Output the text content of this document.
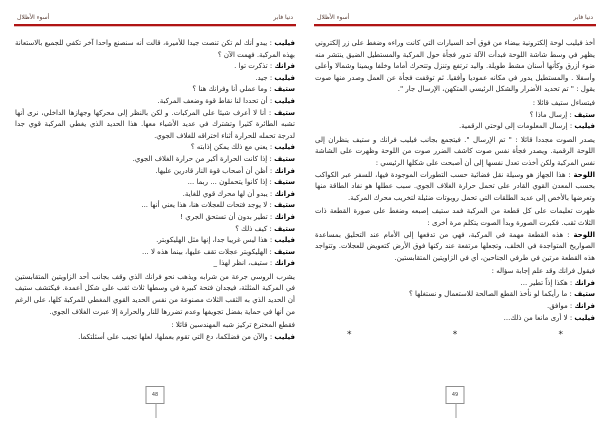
دنيا فابر
أسوء الأظلال

فيليب : يبدو أنك لم تكن تنصت جيدا للأميرة، قالت أنه سنصنع واحدا آخر تكفي للجميع بالاستعانة بهذه المركبة. فهمت الآن ؟

فرانك : تذكرت توا .

فيليب : جيد.

ستيف : وما عملي أنا وفرانك هنا ؟

فيليب : أن تحددا لنا نقاط قوة وضعف المركبة.

ستيف : أنا لا أعرف شيئا على المركبات. و لكن بالنظر إلى محركها وجهازها الداخلي، نرى أنها تشبه الطائرة كثيرا وتشترك في عديد الأشياء معها. هذا الحديد الذي يغطي المركبة قوي جدا لدرجة تحمله للحرارة أثناء اختراقه للغلاف الجوي.

فيليب : يعني مع ذلك يمكن إذابته ؟

ستيف : إذا كانت الحرارة أكبر من حرارة الغلاف الجوي.

فرانك : أظن أن أصحاب قوة النار قادرين عليها.

ستيف : إذا كانوا يتحملون ... ربما ...

فرانك : يبدو أن لها محرك قوي للغاية.

ستيف : لا يوجد فتحات للعجلات هنا، هذا يعني أنها ...

فرانك : تطير بدون أن تستحق الجري !

ستيف : كيف ذلك ؟

فيليب : هذا ليس غريبا جدا، إنها مثل الهليكوبتر.

ستيف : الهليكوبتر عجلات تقف عليها، بينما هذه لا ...

فرانك : ستيف، انظر لهذا _

يشرب الروسي جرعة من شرابه ويذهب نحو فرانك الذي وقف بجانب أحد الزاويتين المتقابستين في المركبة المثلثة، فيجدان فتحة كبيرة في وسطها ثلاث ثقب على شكل أعمدة. فيكتشف ستيف أن الحديد الذي به الثقب الثلاث مصنوعة من نفس الحديد القوي المغطي للمركبة كلها، على الرغم من أنها في حماية بفضل تجويفها وعدم تضررها للنار والحرارة إلا عبرت الغلاف الجوي.

فقطع المخترع تركيز شبه المهندسين قائلا :

فيليب : والآن من فضلكما، دع التي تقوم بعملها، لعلها تجيب على أسئلتكما.

48
دنيا فابر
أسوء الأظلال

أخذ فيليب لوحة إلكترونية بيضاء من فوق أحد السيارات التي كانت وراءه وضغط على زر إلكتروني يظهر في وسط شاشة اللوحة فبدأت الآلة تدور فجأة حول المركبة والمستطيل الضيق ينتشر منه ضوء أزرق وكأنها أسنان مشط طويلة. واليد ترتفع وتنزل وتتحرك أماما وخلفا ويمينا وشمالا وأعلى وأسفلا . والمستطيل يدور في مكانه عموديا وأفقيا. ثم توقفت فجأة عن العمل وصدر منها صوت يقول : " تم تحديد الأضرار والشكل الرئيسي المتكهن، الإرسال جار ".

فيتساءل ستيف قائلا :

ستيف : إرسال ماذا ؟

فيليب : إرسال المعلومات إلى لوحتي الرقمية.

يصدر الصوت مجددا قائلا : " تم الإرسال ". فيتجمع بجانب فيليب فرانك و ستيف ينظران إلى اللوحة الرقمية. ويصدر فجأة نفس صوت كاشف الضرر صوت من اللوحة وظهرت على الشاشة نفس المركبة ولكن أخذت تعدل نفسها إلى أن أصبحت على شكلها الرئيسي :

اللوحة : هذا الجهاز هو وسيلة نقل فضائية حسب التطورات الموجودة فيها، للسفر عبر الكواكب بحسب المعدن القوي القادر على تحمل حرارة الغلاف الجوي. سبب عطلها هو نفاد الطاقة منها وتعرضها بالأخص إلى عديد الطلقات التي تحمل روبوتات ضئيلة لتخريب محرك المركبة.

ظهرت تعليمات على كل قطعة من المركبة فمد ستيف إصبعه وضغط على صورة القطعة ذات الثلاث ثقب. فكبرت الصورة وبدأ الصوت يتكلم مرة أخرى :

اللوحة : هذه القطعة مهمة في المركبة، فهي من تدفعها إلى الأمام عند التحليق بمساعدة الصواريخ المتواجدة في الخلف، وتجعلها مرتفعة عند ركنها فوق الأرض كتعويض للعجلات. وتتواجد هذه القطعة مرتين في طرفي الجناحين، أي في الزاويتين المتقابستين.

فيقول فرانك وقد علم إجابة سؤاله :

فرانك : هكذا إذاً تطير ...

ستيف : ما رأيكما لو نأخذ القطع الصالحة للاستعمال و نستغلها ؟

فرانك : موافق.

فيليب : لا أرى مانعا من ذلك...

*
*
*
49
